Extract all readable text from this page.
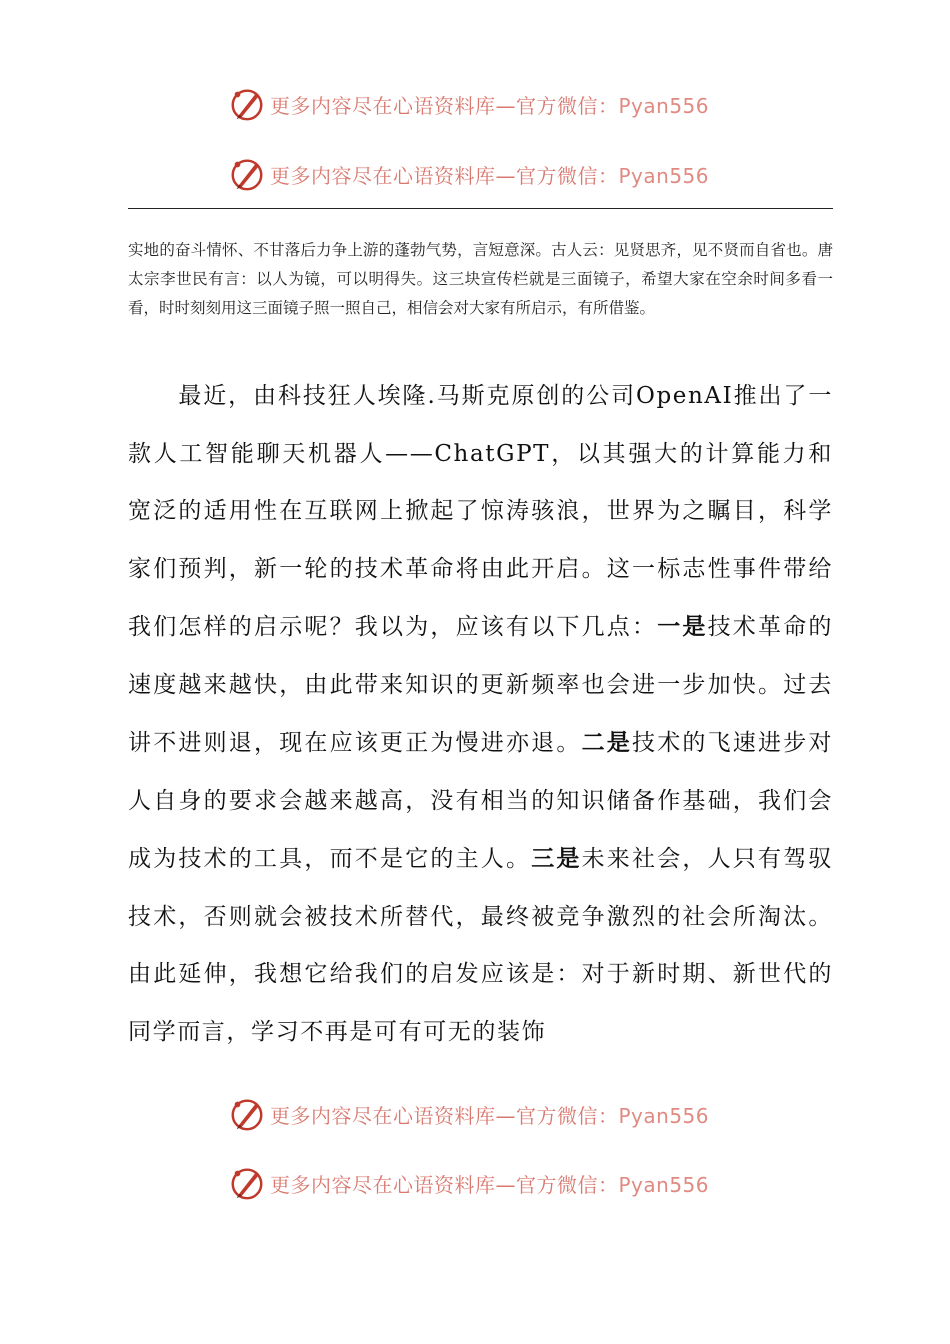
更多内容尽在心语资料库—官方微信：Pyan556
更多内容尽在心语资料库—官方微信：Pyan556

实地的奋斗情怀、不甘落后力争上游的蓬勃气势，言短意深。古人云：见贤思齐，见不贤而自省也。唐太宗李世民有言：以人为镜，可以明得失。这三块宣传栏就是三面镜子，希望大家在空余时间多看一看，时时刻刻用这三面镜子照一照自己，相信会对大家有所启示，有所借鉴。

最近，由科技狂人埃隆.马斯克原创的公司OpenAI推出了一款人工智能聊天机器人——ChatGPT，以其强大的计算能力和宽泛的适用性在互联网上掀起了惊涛骇浪，世界为之瞩目，科学家们预判，新一轮的技术革命将由此开启。这一标志性事件带给我们怎样的启示呢？我以为，应该有以下几点：一是技术革命的速度越来越快，由此带来知识的更新频率也会进一步加快。过去讲不进则退，现在应该更正为慢进亦退。二是技术的飞速进步对人自身的要求会越来越高，没有相当的知识储备作基础，我们会成为技术的工具，而不是它的主人。三是未来社会，人只有驾驭技术，否则就会被技术所替代，最终被竞争激烈的社会所淘汰。由此延伸，我想它给我们的启发应该是：对于新时期、新世代的同学而言，学习不再是可有可无的装饰

更多内容尽在心语资料库—官方微信：Pyan556
更多内容尽在心语资料库—官方微信：Pyan556
